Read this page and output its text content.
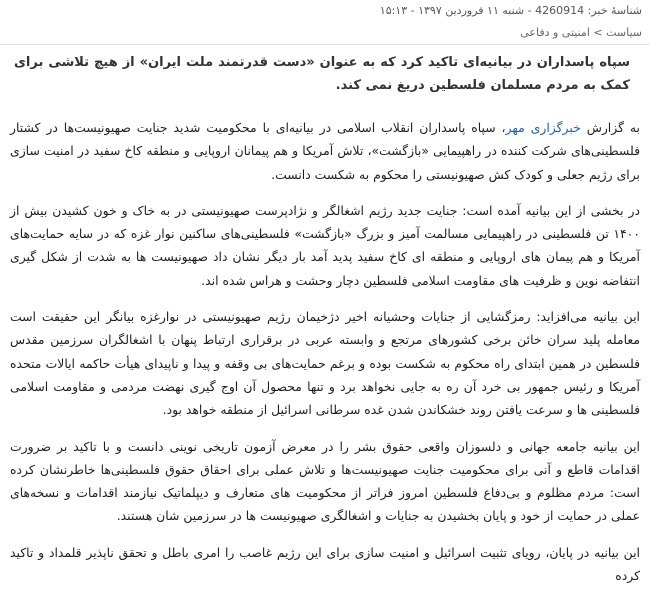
شناسهٔ خبر: 4260914 - شنبه ۱۱ فروردین ۱۳۹۷ - ۱۵:۱۳
سیاست > امنیتی و دفاعی
سپاه پاسداران در بیانیه‌ای تاکید کرد که به عنوان «دست قدرتمند ملت ایران» از هیچ تلاشی برای کمک به مردم مسلمان فلسطین دریغ نمی کند.

به گزارش خبرگزاری مهر، سپاه پاسداران انقلاب اسلامی در بیانیه‌ای با محکومیت شدید جنایت صهیونیست‌ها در کشتار فلسطینی‌های شرکت کننده در راهپیمایی «بازگشت»، تلاش آمریکا و هم پیمانان اروپایی و منطقه کاخ سفید در امنیت سازی برای رژیم جعلی و کودک کش صهیونیستی را محکوم به شکست دانست.

در بخشی از این بیانیه آمده است: جنایت جدید رژیم اشغالگر و نژادپرست صهیونیستی در به خاک و خون کشیدن بیش از ۱۴۰۰ تن فلسطینی در راهپیمایی مسالمت آمیز و بزرگ «بازگشت» فلسطینی‌های ساکنین نوار غزه که در سایه حمایت‌های آمریکا و هم پیمان های اروپایی و منطقه ای کاخ سفید پدید آمد بار دیگر نشان داد صهیونیست ها به شدت از شکل گیری انتفاضه نوین و ظرفیت های مقاومت اسلامی فلسطین دچار وحشت و هراس شده اند.

این بیانیه می‌افزاید: رمزگشایی از جنایات وحشیانه اخیر دژخیمان رژیم صهیونیستی در نوارغزه بیانگر این حقیقت است معامله پلید سران خائن برخی کشورهای مرتجع و وابسته عربی در برقراری ارتباط پنهان با اشغالگران سرزمین مقدس فلسطین در همین ابتدای راه محکوم به شکست بوده و برغم حمایت‌های بی وقفه و پیدا و ناپیدای هیأت حاکمه ایالات متحده آمریکا و رئیس جمهور بی خرد آن ره به جایی نخواهد برد و تنها محصول آن اوج گیری نهضت مردمی و مقاومت اسلامی فلسطینی ها و سرعت یافتن روند خشکاندن شدن غده سرطانی اسرائیل از منطقه خواهد بود.

این بیانیه جامعه جهانی و دلسوزان واقعی حقوق بشر را در معرض آزمون تاریخی نوینی دانست و با تاکید بر ضرورت اقدامات قاطع و آنی برای محکومیت جنایت صهیونیست‌ها و تلاش عملی برای احقاق حقوق فلسطینی‌ها خاطرنشان کرده است: مردم مظلوم و بی‌دفاع فلسطین امروز فراتر از محکومیت های متعارف و دیپلماتیک نیازمند اقدامات و نسخه‌های عملی در حمایت از خود و پایان بخشیدن به جنایات و اشغالگری صهیونیست ها در سرزمین شان هستند.

این بیانیه در پایان، رویای تثبیت اسرائیل و امنیت سازی برای این رژیم غاصب را امری باطل و تحقق ناپذیر قلمداد و تاکید کرده
